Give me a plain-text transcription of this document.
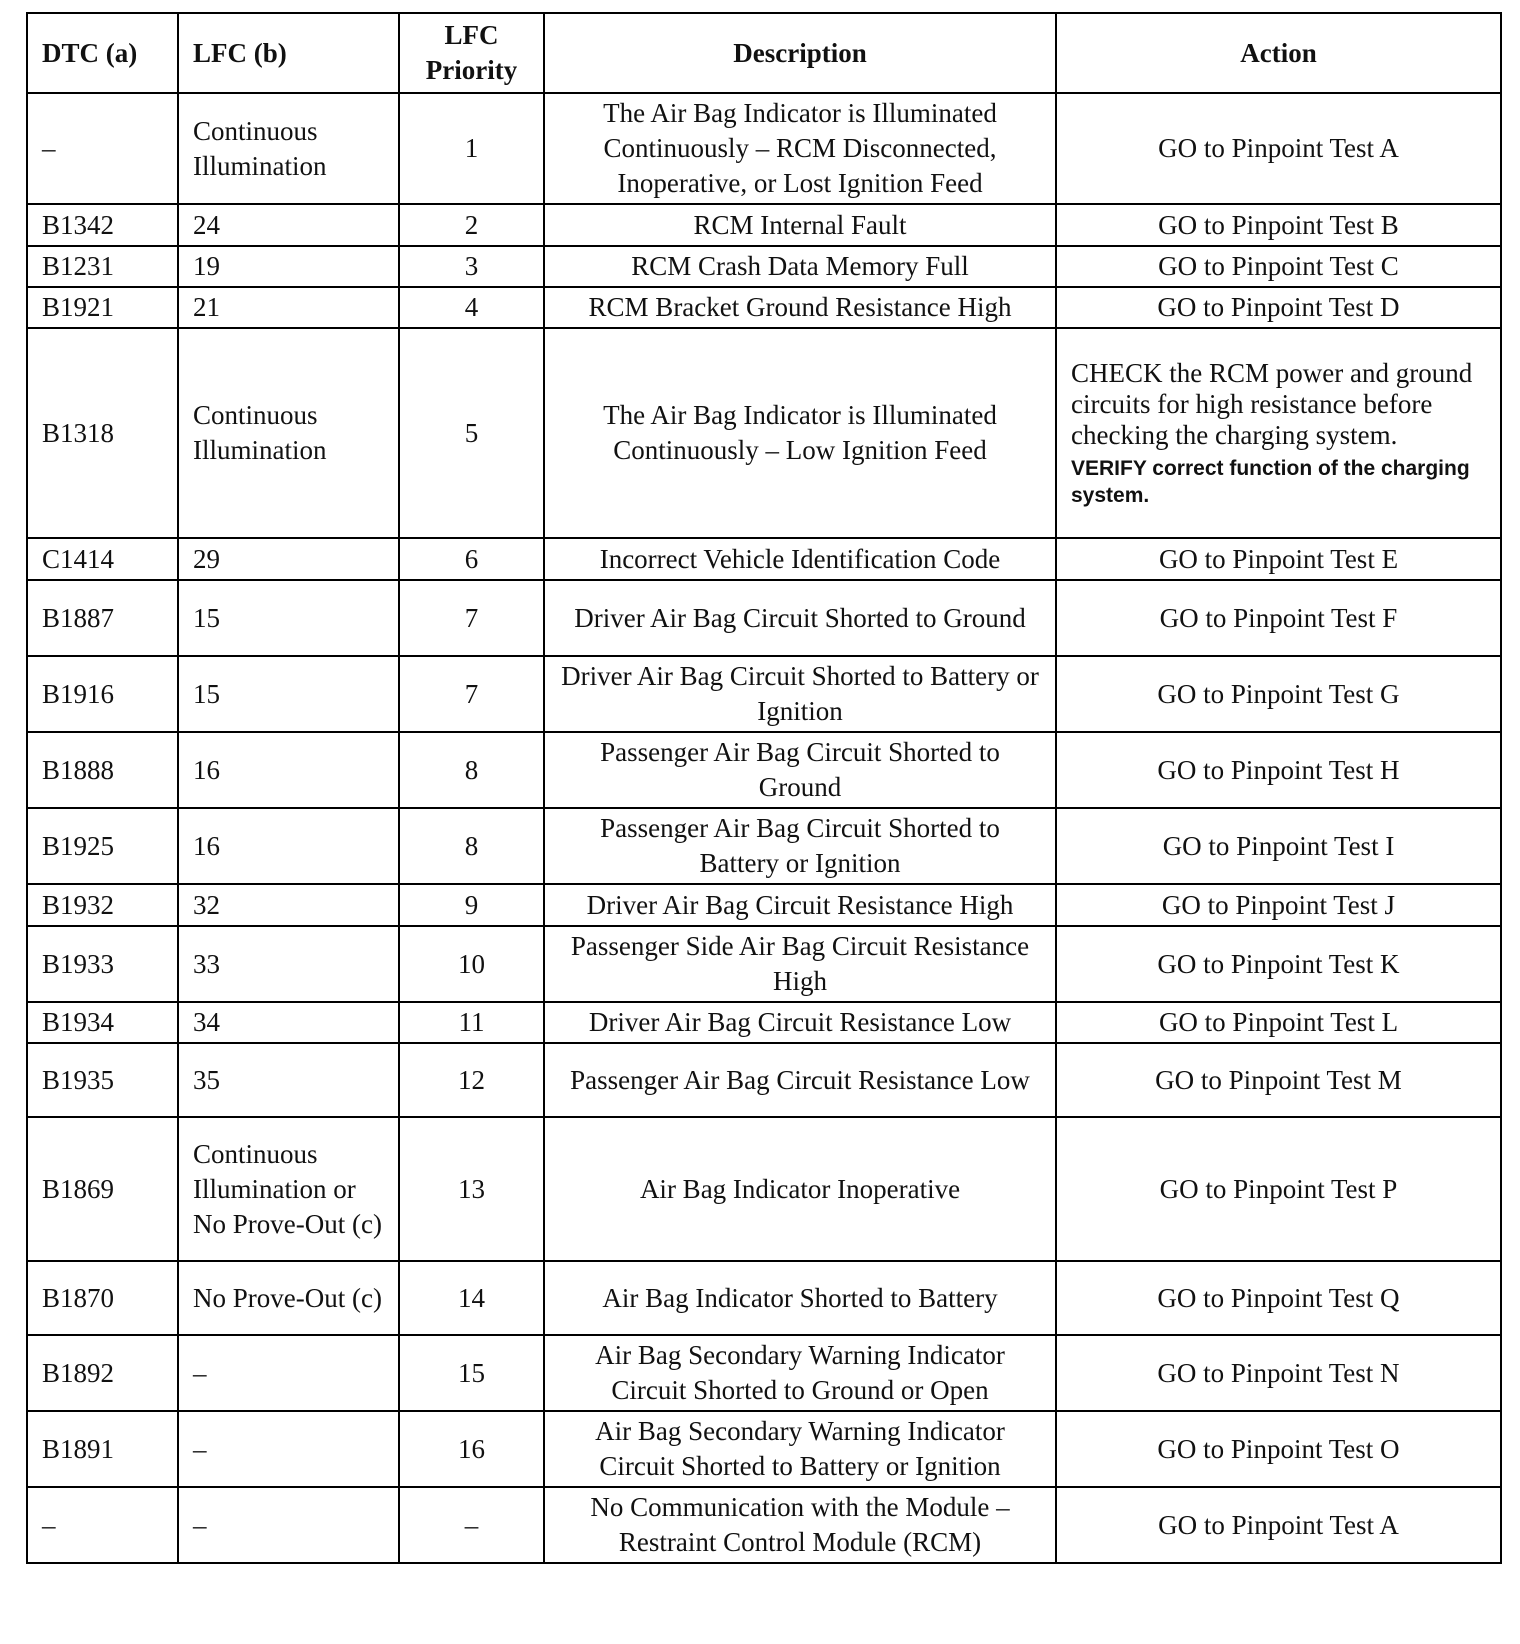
DTC (a)	LFC (b)	LFC Priority	Description	Action
–	Continuous Illumination	1	The Air Bag Indicator is Illuminated Continuously – RCM Disconnected, Inoperative, or Lost Ignition Feed	GO to Pinpoint Test A
B1342	24	2	RCM Internal Fault	GO to Pinpoint Test B
B1231	19	3	RCM Crash Data Memory Full	GO to Pinpoint Test C
B1921	21	4	RCM Bracket Ground Resistance High	GO to Pinpoint Test D
B1318	Continuous Illumination	5	The Air Bag Indicator is Illuminated Continuously – Low Ignition Feed	CHECK the RCM power and ground circuits for high resistance before checking the charging system.
VERIFY correct function of the charging system.

C1414	29	6	Incorrect Vehicle Identification Code	GO to Pinpoint Test E
B1887	15	7	Driver Air Bag Circuit Shorted to Ground	GO to Pinpoint Test F
B1916	15	7	Driver Air Bag Circuit Shorted to Battery or Ignition	GO to Pinpoint Test G
B1888	16	8	Passenger Air Bag Circuit Shorted to Ground	GO to Pinpoint Test H
B1925	16	8	Passenger Air Bag Circuit Shorted to Battery or Ignition	GO to Pinpoint Test I
B1932	32	9	Driver Air Bag Circuit Resistance High	GO to Pinpoint Test J
B1933	33	10	Passenger Side Air Bag Circuit Resistance High	GO to Pinpoint Test K
B1934	34	11	Driver Air Bag Circuit Resistance Low	GO to Pinpoint Test L
B1935	35	12	Passenger Air Bag Circuit Resistance Low	GO to Pinpoint Test M
B1869	Continuous Illumination or No Prove-Out (c)	13	Air Bag Indicator Inoperative	GO to Pinpoint Test P
B1870	No Prove-Out (c)	14	Air Bag Indicator Shorted to Battery	GO to Pinpoint Test Q
B1892	–	15	Air Bag Secondary Warning Indicator Circuit Shorted to Ground or Open	GO to Pinpoint Test N
B1891	–	16	Air Bag Secondary Warning Indicator Circuit Shorted to Battery or Ignition	GO to Pinpoint Test O
–	–	–	No Communication with the Module – Restraint Control Module (RCM)	GO to Pinpoint Test A
